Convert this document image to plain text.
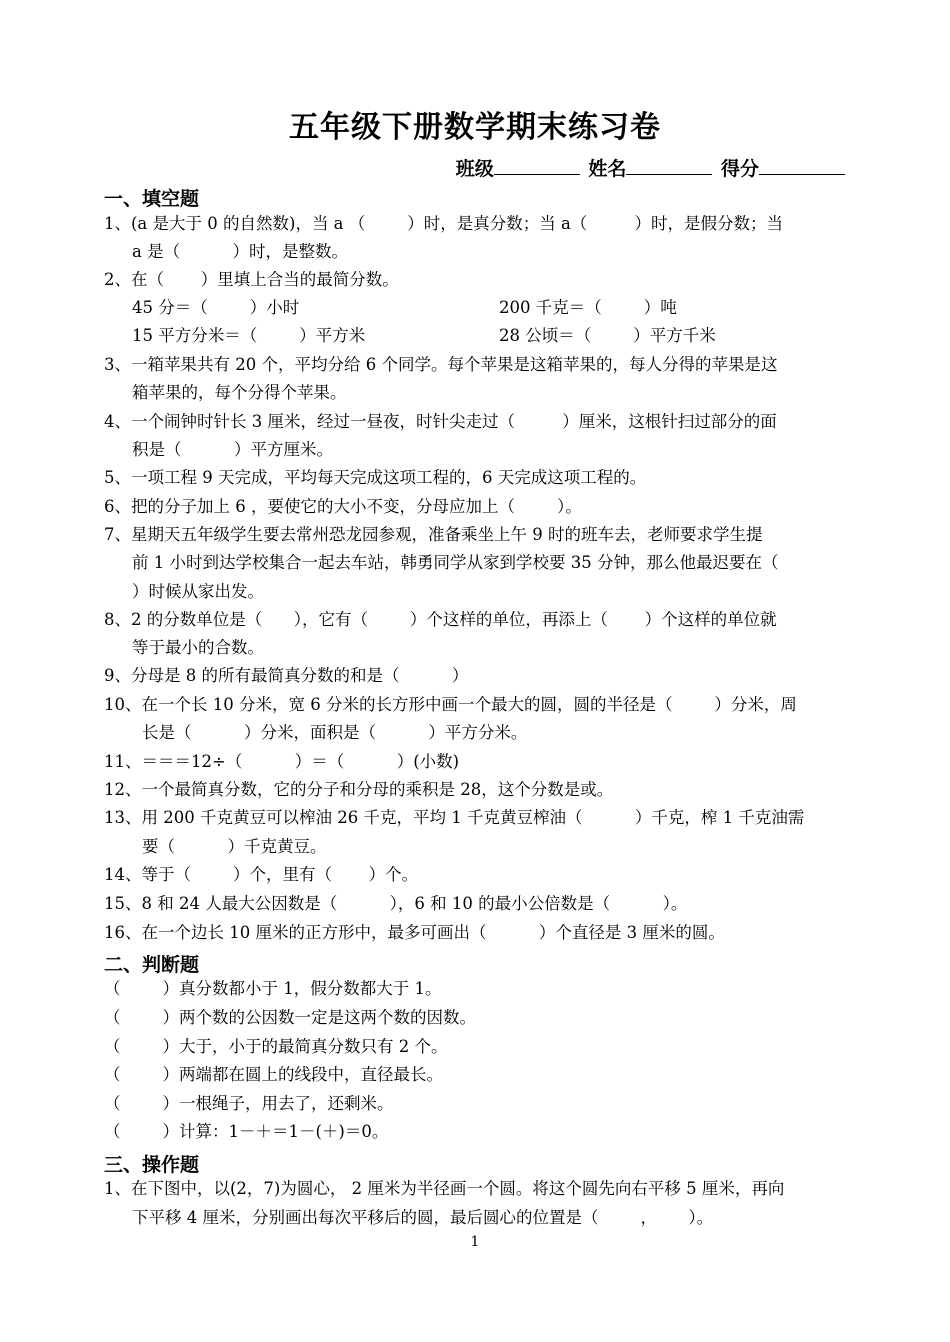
五年级下册数学期末练习卷
班级	姓名	得分
一、填空题
1、(a 是大于 0 的自然数)，当 a （        ）时，是真分数；当 a（         ）时，是假分数；当
a 是（          ）时，是整数。
2、在（       ）里填上合当的最简分数。
45 分＝（        ）小时	200 千克＝（        ）吨
15 平方分米＝（        ）平方米	28 公顷＝（        ）平方千米
3、一箱苹果共有 20 个，平均分给 6 个同学。每个苹果是这箱苹果的，每人分得的苹果是这
箱苹果的，每个分得个苹果。
4、一个闹钟时针长 3 厘米，经过一昼夜，时针尖走过（         ）厘米，这根针扫过部分的面
积是（          ）平方厘米。
5、一项工程 9 天完成，平均每天完成这项工程的，6 天完成这项工程的。
6、把的分子加上 6 ，要使它的大小不变，分母应加上（        ）。
7、星期天五年级学生要去常州恐龙园参观，准备乘坐上午 9 时的班车去，老师要求学生提
前 1 小时到达学校集合一起去车站，韩勇同学从家到学校要 35 分钟，那么他最迟要在（
）时候从家出发。
8、2 的分数单位是（      ），它有（        ）个这样的单位，再添上（       ）个这样的单位就
等于最小的合数。
9、分母是 8 的所有最简真分数的和是（          ）
10、在一个长 10 分米，宽 6 分米的长方形中画一个最大的圆，圆的半径是（        ）分米，周
长是（          ）分米，面积是（          ）平方分米。
11、＝＝＝12÷（          ）＝（          ）(小数)
12、一个最简真分数，它的分子和分母的乘积是 28，这个分数是或。
13、用 200 千克黄豆可以榨油 26 千克，平均 1 千克黄豆榨油（          ）千克，榨 1 千克油需
要（          ）千克黄豆。
14、等于（        ）个，里有（       ）个。
15、8 和 24 人最大公因数是（          ），6 和 10 的最小公倍数是（          ）。
16、在一个边长 10 厘米的正方形中，最多可画出（          ）个直径是 3 厘米的圆。
二、判断题
（        ）真分数都小于 1，假分数都大于 1。
（        ）两个数的公因数一定是这两个数的因数。
（        ）大于，小于的最简真分数只有 2 个。
（        ）两端都在圆上的线段中，直径最长。
（        ）一根绳子，用去了，还剩米。
（        ）计算：1－＋＝1－(＋)＝0。
三、操作题
1、在下图中，以(2，7)为圆心， 2 厘米为半径画一个圆。将这个圆先向右平移 5 厘米，再向
下平移 4 厘米，分别画出每次平移后的圆，最后圆心的位置是（        ，      ）。
1
